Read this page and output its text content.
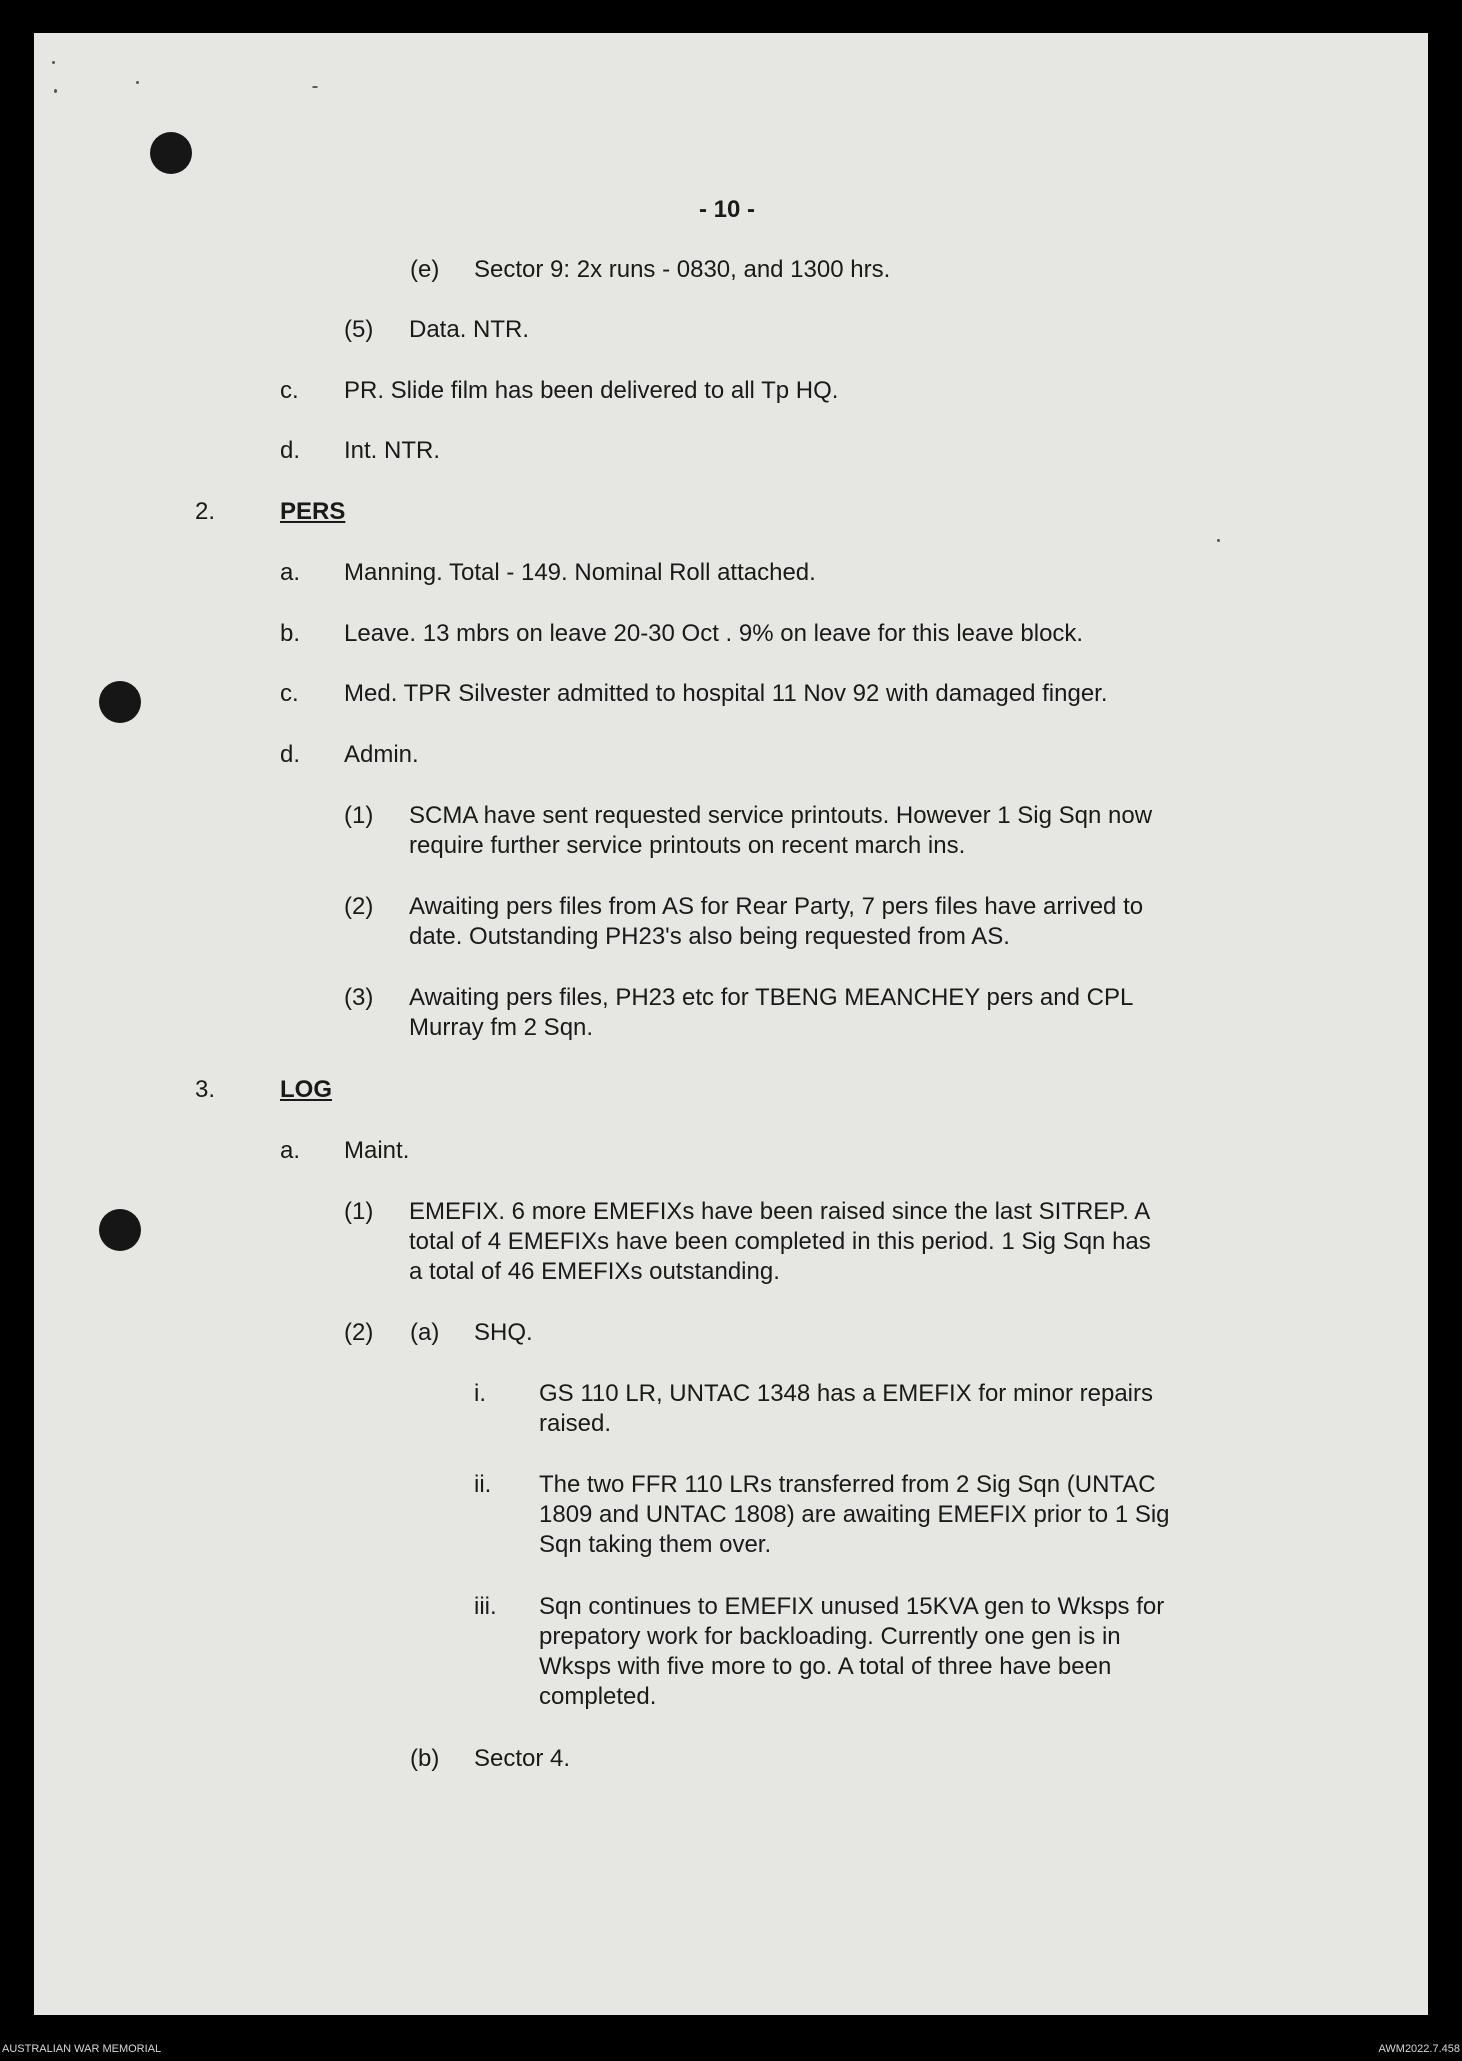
- 10 -
(e) Sector 9: 2x runs - 0830, and 1300 hrs.
(5) Data. NTR.
c. PR. Slide film has been delivered to all Tp HQ.
d. Int. NTR.
2.	PERS
a. Manning. Total - 149. Nominal Roll attached.
b. Leave. 13 mbrs on leave 20-30 Oct . 9% on leave for this leave block.
c. Med. TPR Silvester admitted to hospital 11 Nov 92 with damaged finger.
d. Admin.
(1) SCMA have sent requested service printouts. However 1 Sig Sqn now
require further service printouts on recent march ins.
(2) Awaiting pers files from AS for Rear Party, 7 pers files have arrived to
date. Outstanding PH23's also being requested from AS.
(3) Awaiting pers files, PH23 etc for TBENG MEANCHEY pers and CPL
Murray fm 2 Sqn.
3.	LOG
a. Maint.
(1) EMEFIX. 6 more EMEFIXs have been raised since the last SITREP. A
total of 4 EMEFIXs have been completed in this period. 1 Sig Sqn has
a total of 46 EMEFIXs outstanding.
(2) (a) SHQ.
i. GS 110 LR, UNTAC 1348 has a EMEFIX for minor repairs
raised.
ii. The two FFR 110 LRs transferred from 2 Sig Sqn (UNTAC
1809 and UNTAC 1808) are awaiting EMEFIX prior to 1 Sig
Sqn taking them over.
iii. Sqn continues to EMEFIX unused 15KVA gen to Wksps for
prepatory work for backloading. Currently one gen is in
Wksps with five more to go. A total of three have been
completed.
(b) Sector 4.
AUSTRALIAN WAR MEMORIAL	AWM2022.7.458
